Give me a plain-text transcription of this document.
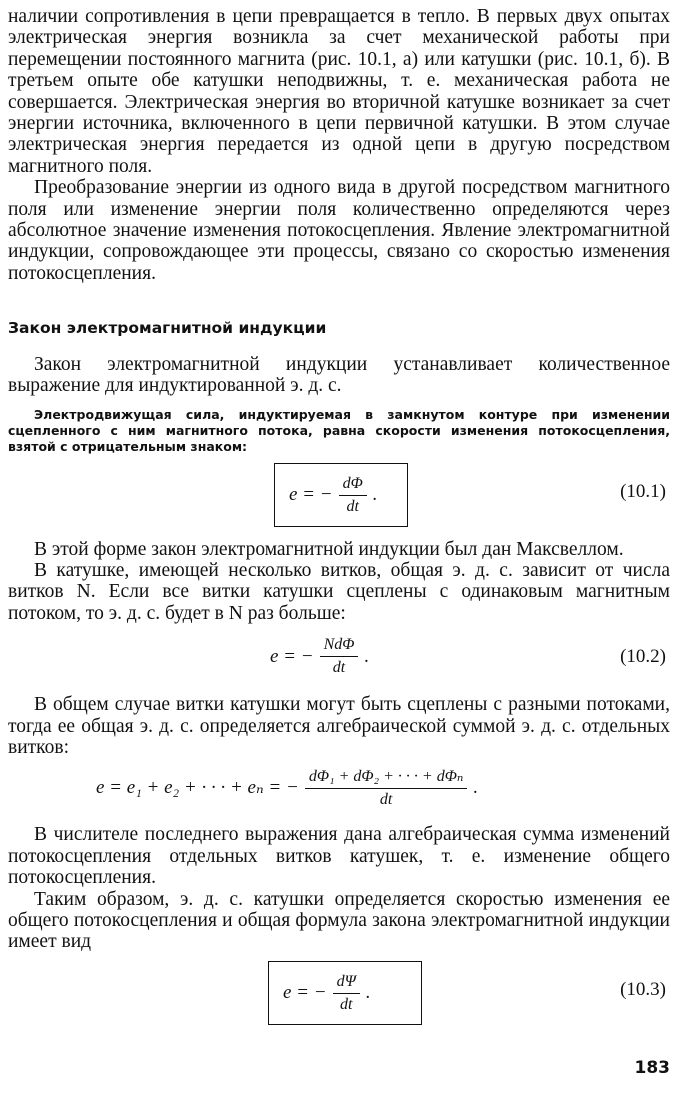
наличии сопротивления в цепи превращается в тепло. В первых двух опытах электрическая энергия возникла за счет механической работы при перемещении постоянного магнита (рис. 10.1, а) или катушки (рис. 10.1, б). В третьем опыте обе катушки неподвижны, т. е. механическая работа не совершается. Электрическая энергия во вторичной катушке возникает за счет энергии источника, включенного в цепи первичной катушки. В этом случае электрическая энергия передается из одной цепи в другую посредством магнитного поля.

Преобразование энергии из одного вида в другой посредством магнитного поля или изменение энергии поля количественно определяются через абсолютное значение изменения потокосцепления. Явление электромагнитной индукции, сопровождающее эти процессы, связано со скоростью изменения потокосцепления.

Закон электромагнитной индукции

Закон электромагнитной индукции устанавливает количественное выражение для индуктированной э. д. с.

Электродвижущая сила, индуктируемая в замкнутом контуре при изменении сцепленного с ним магнитного потока, равна скорости изменения потокосцепления, взятой с отрицательным знаком:

e = − $\frac{d\Phi}{dt}$ .	(10.1)

В этой форме закон электромагнитной индукции был дан Максвеллом.

В катушке, имеющей несколько витков, общая э. д. с. зависит от числа витков N. Если все витки катушки сцеплены с одинаковым магнитным потоком, то э. д. с. будет в N раз больше:

e = − $\frac{\text{NdΦ}}{dt}$ .	(10.2)

В общем случае витки катушки могут быть сцеплены с разными потоками, тогда ее общая э. д. с. определяется алгебраической суммой э. д. с. отдельных витков:

e = e₁ + e₂ + · · · + eₙ = − $\frac{\text{dΦ₁ + dΦ₂ + · · · + dΦₙ}}{dt}$ .

В числителе последнего выражения дана алгебраическая сумма изменений потокосцепления отдельных витков катушек, т. е. изменение общего потокосцепления.

Таким образом, э. д. с. катушки определяется скоростью изменения ее общего потокосцепления и общая формула закона электромагнитной индукции имеет вид

e = − $\frac{d\Psi}{dt}$ .	(10.3)
183
